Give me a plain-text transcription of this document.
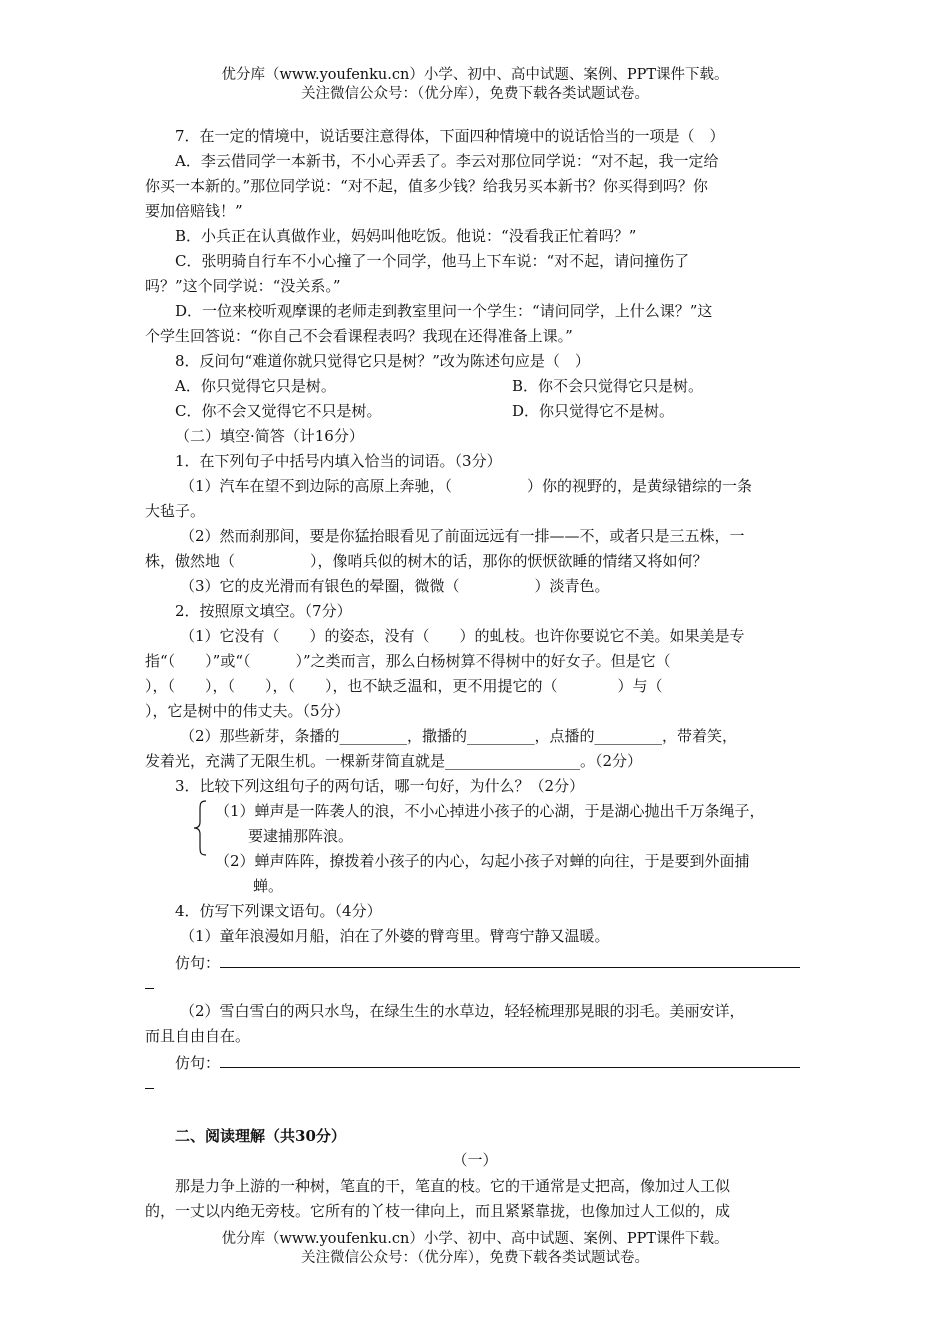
优分库（www.youfenku.cn）小学、初中、高中试题、案例、PPT课件下载。
关注微信公众号：（优分库），免费下载各类试题试卷。
7．在一定的情境中，说话要注意得体，下面四种情境中的说话恰当的一项是（　）
A．李云借同学一本新书，不小心弄丢了。李云对那位同学说：“对不起，我一定给
你买一本新的。”那位同学说：“对不起，值多少钱？给我另买本新书？你买得到吗？你
要加倍赔钱！”
B．小兵正在认真做作业，妈妈叫他吃饭。他说：“没看我正忙着吗？”
C．张明骑自行车不小心撞了一个同学，他马上下车说：“对不起，请问撞伤了
吗？”这个同学说：“没关系。”
D．一位来校听观摩课的老师走到教室里问一个学生：“请问同学，上什么课？”这
个学生回答说：“你自己不会看课程表吗？我现在还得准备上课。”
8．反问句“难道你就只觉得它只是树？”改为陈述句应是（　）
A．你只觉得它只是树。	B．你不会只觉得它只是树。
C．你不会又觉得它不只是树。	D．你只觉得它不是树。
（二）填空·简答（计16分）
1．在下列句子中括号内填入恰当的词语。（3分）
（1）汽车在望不到边际的高原上奔驰，（　　　　　）你的视野的，是黄绿错综的一条
大毡子。
（2）然而刹那间，要是你猛抬眼看见了前面远远有一排——不，或者只是三五株，一
株，傲然地（　　　　　），像哨兵似的树木的话，那你的恹恹欲睡的情绪又将如何？
（3）它的皮光滑而有银色的晕圈，微微（　　　　　）淡青色。
2．按照原文填空。（7分）
（1）它没有（　　）的姿态，没有（　　）的虬枝。也许你要说它不美。如果美是专
指“（　　）”或“（　　　）”之类而言，那么白杨树算不得树中的好女子。但是它（
），（　　），（　　），（　　），也不缺乏温和，更不用提它的（　　　　）与（
），它是树中的伟丈夫。（5分）
（2）那些新芽，条播的_________，撒播的_________，点播的_________，带着笑，
发着光，充满了无限生机。一棵新芽简直就是__________________。（2分）
3．比较下列这组句子的两句话，哪一句好，为什么？（2分）
（1）蝉声是一阵袭人的浪，不小心掉进小孩子的心湖，于是湖心抛出千万条绳子，
要逮捕那阵浪。
（2）蝉声阵阵，撩拨着小孩子的内心，勾起小孩子对蝉的向往，于是要到外面捕
蝉。
4．仿写下列课文语句。（4分）
（1）童年浪漫如月船，泊在了外婆的臂弯里。臂弯宁静又温暖。
仿句：
（2）雪白雪白的两只水鸟，在绿生生的水草边，轻轻梳理那晃眼的羽毛。美丽安详，
而且自由自在。
仿句：
二、阅读理解（共30分）
（一）
那是力争上游的一种树，笔直的干，笔直的枝。它的干通常是丈把高，像加过人工似
的，一丈以内绝无旁枝。它所有的丫枝一律向上，而且紧紧靠拢，也像加过人工似的，成
优分库（www.youfenku.cn）小学、初中、高中试题、案例、PPT课件下载。
关注微信公众号：（优分库），免费下载各类试题试卷。
